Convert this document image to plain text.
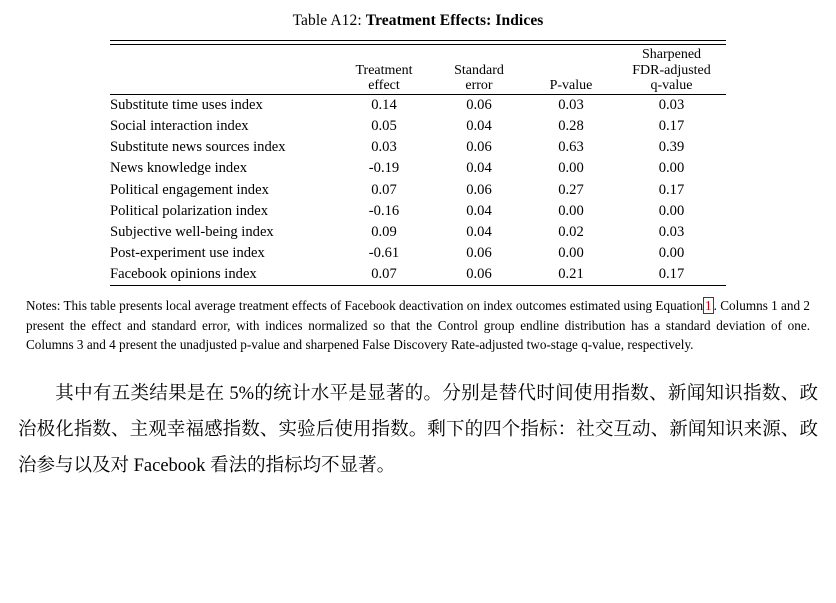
Table A12: Treatment Effects: Indices

				Sharpened
	Treatment	Standard		FDR-adjusted
	effect	error	P-value	q-value
Substitute time uses index	0.14	0.06	0.03	0.03
Social interaction index	0.05	0.04	0.28	0.17
Substitute news sources index	0.03	0.06	0.63	0.39
News knowledge index	-0.19	0.04	0.00	0.00
Political engagement index	0.07	0.06	0.27	0.17
Political polarization index	-0.16	0.04	0.00	0.00
Subjective well-being index	0.09	0.04	0.02	0.03
Post-experiment use index	-0.61	0.06	0.00	0.00
Facebook opinions index	0.07	0.06	0.21	0.17
Notes: This table presents local average treatment effects of Facebook deactivation on index outcomes estimated using Equation 1 . Columns 1 and 2 present the effect and standard error, with indices normalized so that the Control group endline distribution has a standard deviation of one. Columns 3 and 4 present the unadjusted p-value and sharpened False Discovery Rate-adjusted two-stage q-value, respectively.
其中有五类结果是在 5%的统计水平是显著的。分别是替代时间使用指数、新闻知识指数、政治极化指数、主观幸福感指数、实验后使用指数。剩下的四个指标：社交互动、新闻知识来源、政治参与以及对 Facebook 看法的指标均不显著。
